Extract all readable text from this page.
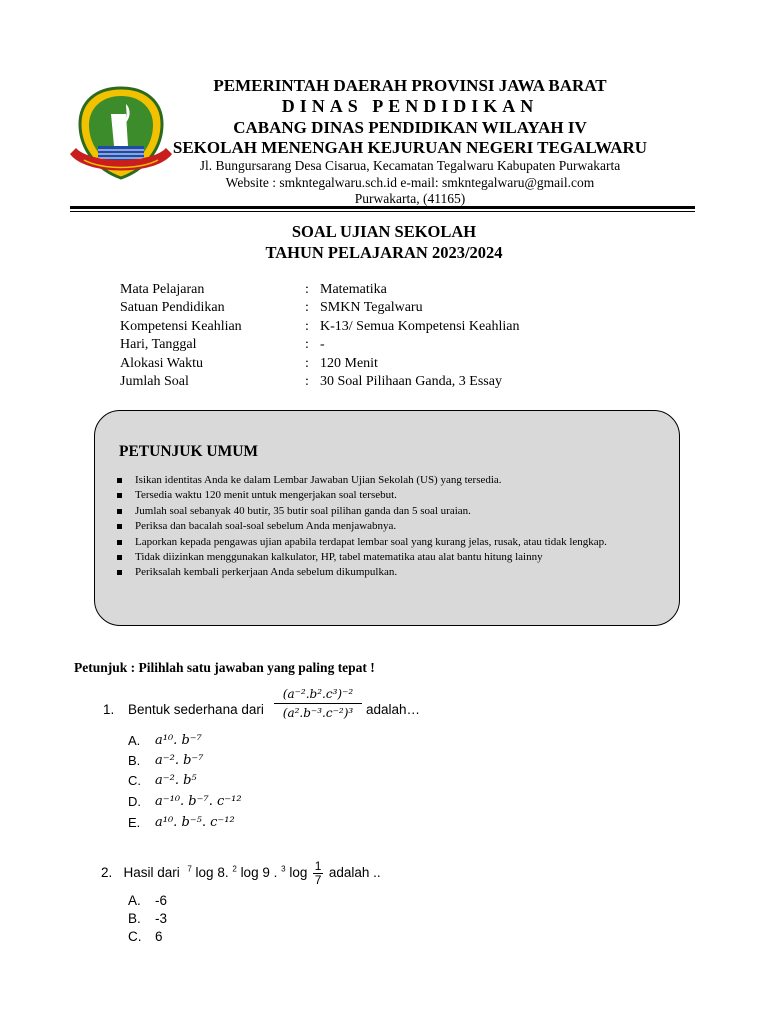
PEMERINTAH DAERAH PROVINSI JAWA BARAT
DINAS PENDIDIKAN
CABANG DINAS PENDIDIKAN WILAYAH IV
SEKOLAH MENENGAH KEJURUAN NEGERI TEGALWARU
Jl. Bungursarang Desa Cisarua, Kecamatan Tegalwaru Kabupaten Purwakarta
Website : smkntegalwaru.sch.id e-mail: smkntegalwaru@gmail.com
Purwakarta, (41165)
SOAL UJIAN SEKOLAH
TAHUN PELAJARAN 2023/2024
Mata Pelajaran	: Matematika
Satuan Pendidikan	: SMKN Tegalwaru
Kompetensi Keahlian	: K-13/ Semua Kompetensi Keahlian
Hari, Tanggal	: -
Alokasi Waktu	: 120 Menit
Jumlah Soal	: 30 Soal Pilihaan Ganda, 3 Essay
PETUNJUK UMUM
Isikan identitas Anda ke dalam Lembar Jawaban Ujian Sekolah (US) yang tersedia.
Tersedia waktu 120 menit untuk mengerjakan soal tersebut.
Jumlah soal sebanyak 40 butir, 35 butir soal pilihan ganda dan 5 soal uraian.
Periksa dan bacalah soal-soal sebelum Anda menjawabnya.
Laporkan kepada pengawas ujian apabila terdapat lembar soal yang kurang jelas, rusak, atau tidak lengkap.
Tidak diizinkan menggunakan kalkulator, HP, tabel matematika atau alat bantu hitung lainny
Periksalah kembali perkerjaan Anda sebelum dikumpulkan.
Petunjuk : Pilihlah satu jawaban yang paling tepat !
1. Bentuk sederhana dari
(a⁻².b².c³)⁻²
(a².b⁻³.c⁻²)³ adalah…
A. a¹⁰. b⁻⁷
B. a⁻². b⁻⁷
C. a⁻². b⁵
D. a⁻¹⁰. b⁻⁷. c⁻¹²
E. a¹⁰. b⁻⁵. c⁻¹²
2. Hasil dari $^7$ log 8. $^2$ log 9 . $^3$ $\log \frac{1}{7}$ adalah ..
A. -6
B. -3
C. 6
